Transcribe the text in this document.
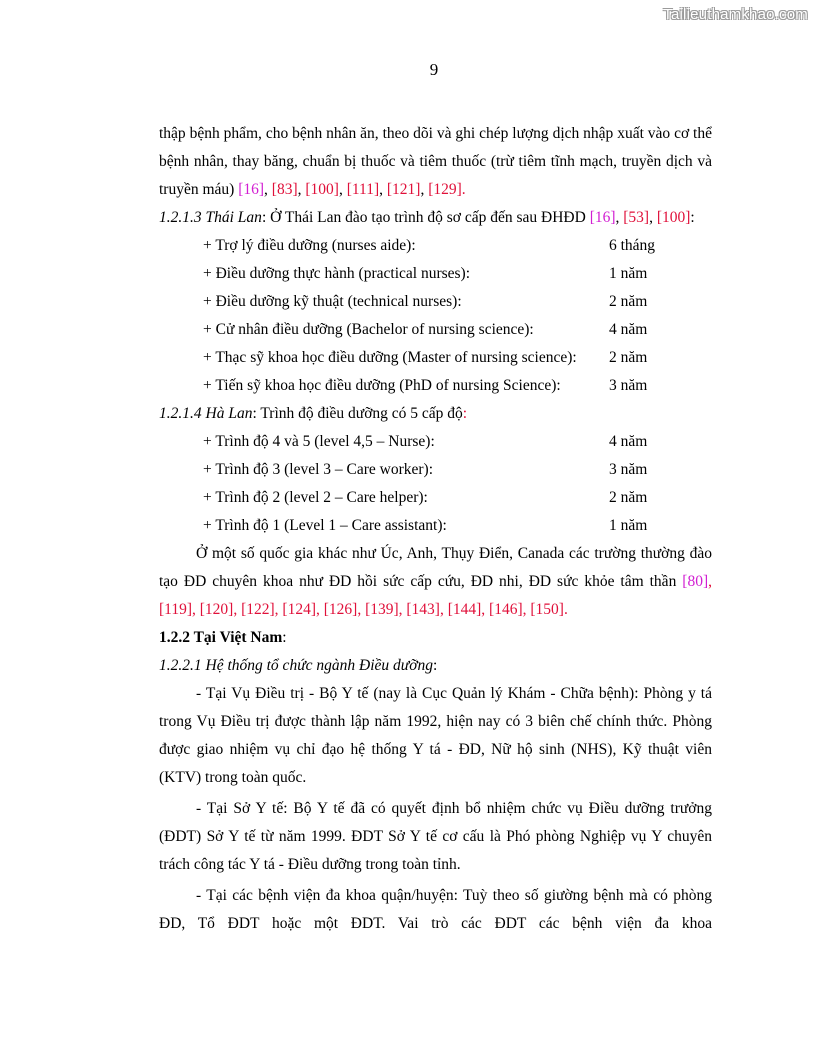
Tailieuthamkhao.com
9

thập bệnh phẩm, cho bệnh nhân ăn, theo dõi và ghi chép lượng dịch nhập xuất vào cơ thể bệnh nhân, thay băng, chuẩn bị thuốc và tiêm thuốc (trừ tiêm tĩnh mạch, truyền dịch và truyền máu) [16], [83], [100], [111], [121], [129].

1.2.1.3 Thái Lan: Ở Thái Lan đào tạo trình độ sơ cấp đến sau ĐHĐD [16], [53], [100]:

+ Trợ lý điều dưỡng (nurses aide):	6 tháng
+ Điều dưỡng thực hành (practical nurses):	1 năm
+ Điều dưỡng kỹ thuật (technical nurses):	2 năm
+ Cử nhân điều dưỡng (Bachelor of nursing science):	4 năm
+ Thạc sỹ khoa học điều dưỡng (Master of nursing science):	2 năm
+ Tiến sỹ khoa học điều dưỡng (PhD of nursing Science):	3 năm

1.2.1.4 Hà Lan: Trình độ điều dưỡng có 5 cấp độ:

+ Trình độ 4 và 5 (level 4,5 – Nurse):	4 năm
+ Trình độ 3 (level 3 – Care worker):	3 năm
+ Trình độ 2 (level 2 – Care helper):	2 năm
+ Trình độ 1 (Level 1 – Care assistant):	1 năm

Ở một số quốc gia khác như Úc, Anh, Thụy Điển, Canada các trường thường đào tạo ĐD chuyên khoa như ĐD hồi sức cấp cứu, ĐD nhi, ĐD sức khỏe tâm thần [80], [119], [120], [122], [124], [126], [139], [143], [144], [146], [150].

1.2.2 Tại Việt Nam:

1.2.2.1 Hệ thống tổ chức ngành Điều dưỡng:

- Tại Vụ Điều trị - Bộ Y tế (nay là Cục Quản lý Khám - Chữa bệnh): Phòng y tá trong Vụ Điều trị được thành lập năm 1992, hiện nay có 3 biên chế chính thức. Phòng được giao nhiệm vụ chỉ đạo hệ thống Y tá - ĐD, Nữ hộ sinh (NHS), Kỹ thuật viên (KTV) trong toàn quốc.

- Tại Sở Y tế: Bộ Y tế đã có quyết định bổ nhiệm chức vụ Điều dưỡng trưởng (ĐDT) Sở Y tế từ năm 1999. ĐDT Sở Y tế cơ cấu là Phó phòng Nghiệp vụ Y chuyên trách công tác Y tá - Điều dưỡng trong toàn tỉnh.

- Tại các bệnh viện đa khoa quận/huyện: Tuỳ theo số giường bệnh mà có phòng ĐD, Tổ ĐDT hoặc một ĐDT. Vai trò các ĐDT các bệnh viện đa khoa
